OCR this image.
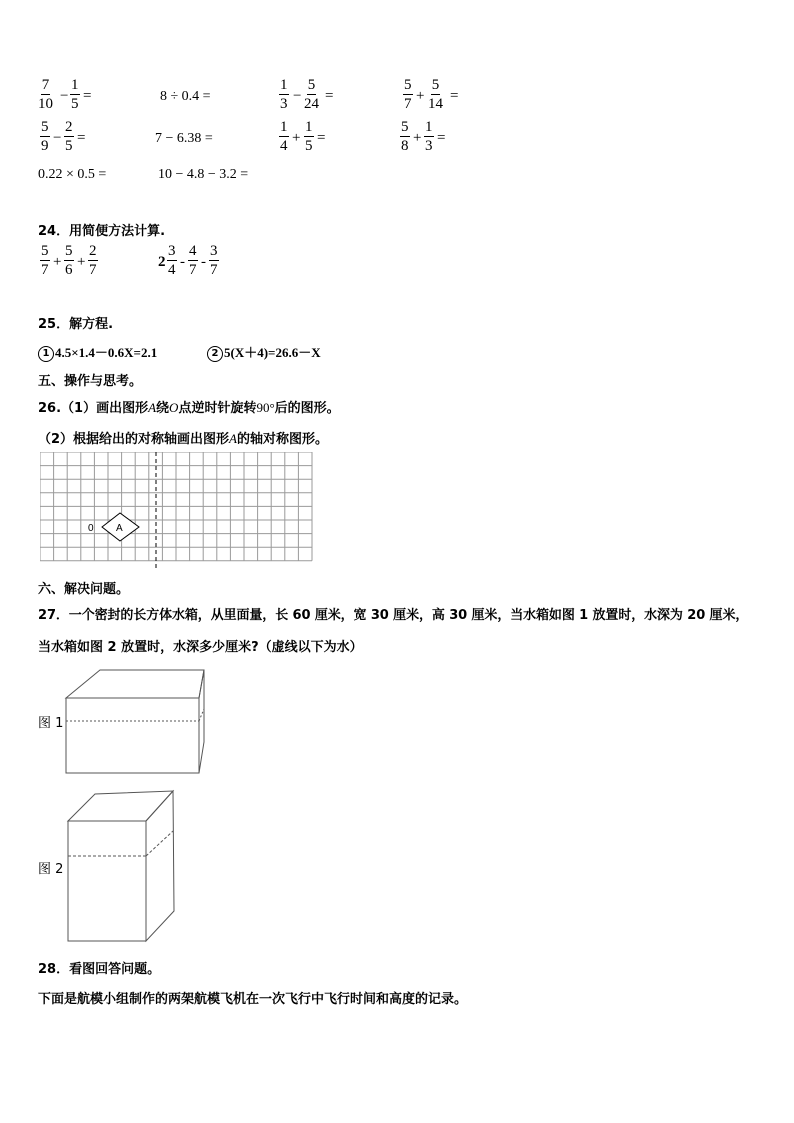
$\frac{7}{10} - \frac{1}{5}$ =	8 ÷ 0.4 =	$\frac{1}{3} - \frac{5}{24}$ =	$\frac{5}{7} + \frac{5}{14}$ =
$\frac{5}{9} - \frac{2}{5}$ =	7 − 6.38 =	$\frac{1}{4} + \frac{1}{5}$ =	$\frac{5}{8} + \frac{1}{3}$ =
0.22 × 0.5 =	10 − 4.8 − 3.2 =
24．用简便方法计算.
$\frac{5}{7} + \frac{5}{6} + \frac{2}{7}$	$2 \frac{3}{4} - \frac{4}{7} - \frac{3}{7}$
25．解方程.
1 4.5×1.4－0.6X=2.1	2 5(X＋4)=26.6－X
五、操作与思考。
26.（1）画出图形A绕O点逆时针旋转90°后的图形。
（2）根据给出的对称轴画出图形A的轴对称图形。
A
0
六、解决问题。
27．一个密封的长方体水箱，从里面量，长 60 厘米，宽 30 厘米，高 30 厘米，当水箱如图 1 放置时，水深为 20 厘米，
当水箱如图 2 放置时，水深多少厘米?（虚线以下为水）
图 1
图 2
28．看图回答问题。
下面是航模小组制作的两架航模飞机在一次飞行中飞行时间和高度的记录。
